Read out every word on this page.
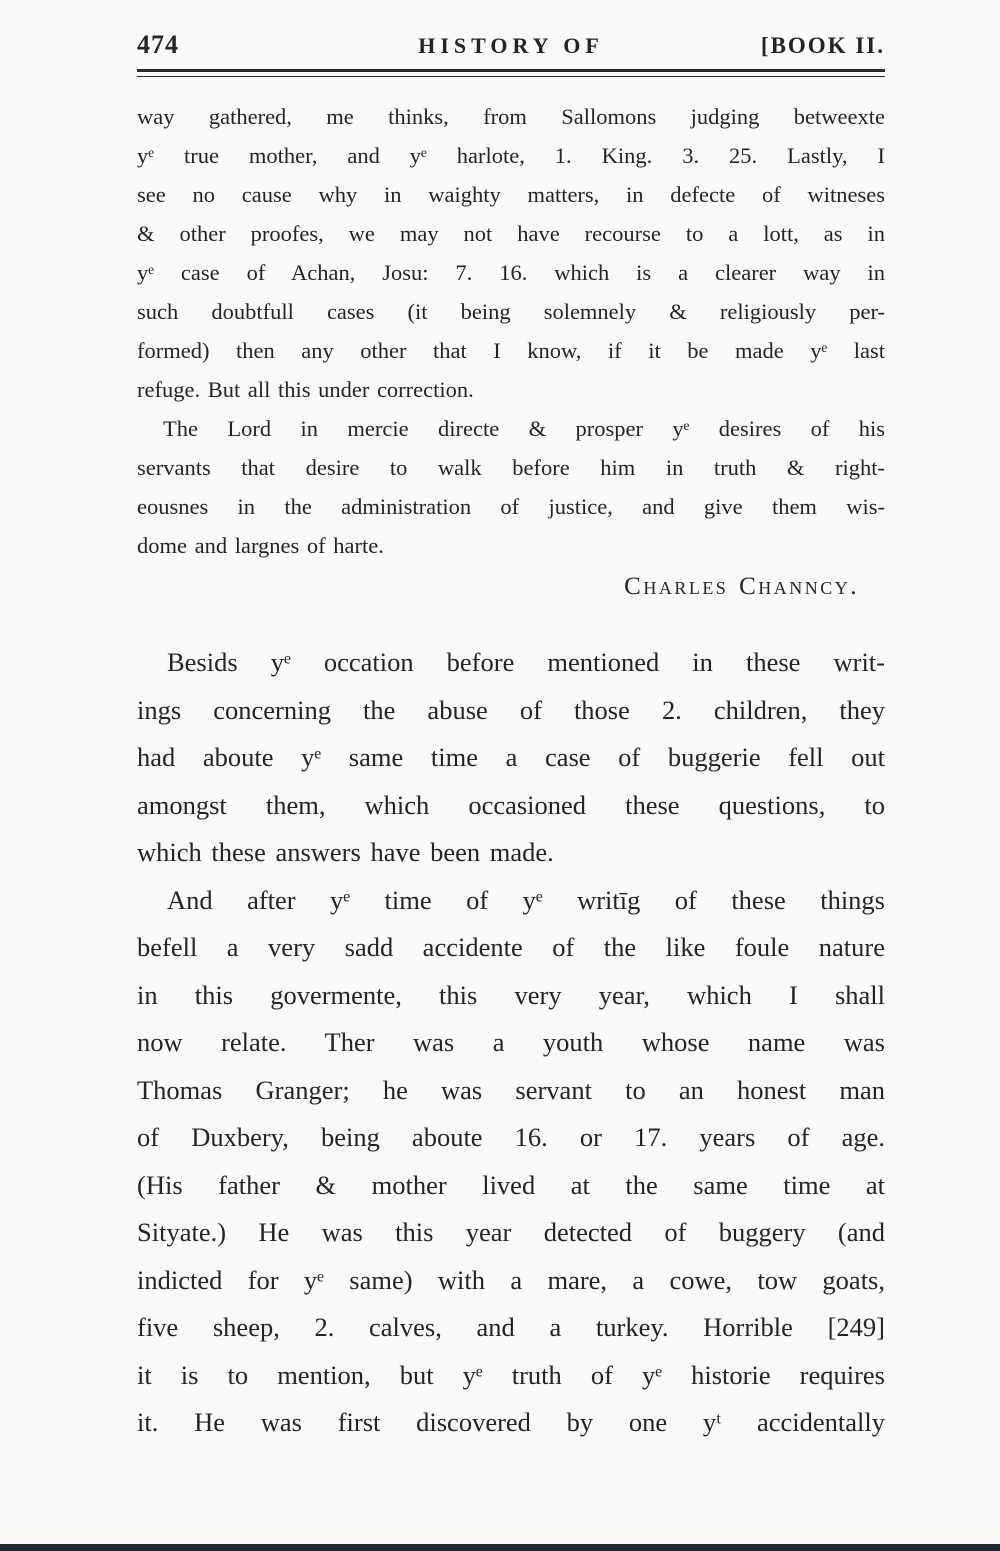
474	HISTORY OF	[BOOK II.
way gathered, me thinks, from Sallomons judging betweexte
yᵉ true mother, and yᵉ harlote, 1. King. 3. 25. Lastly, I
see no cause why in waighty matters, in defecte of witneses
& other proofes, we may not have recourse to a lott, as in
yᵉ case of Achan, Josu: 7. 16. which is a clearer way in
such doubtfull cases (it being solemnely & religiously per-
formed) then any other that I know, if it be made yᵉ last
refuge. But all this under correction.
The Lord in mercie directe & prosper yᵉ desires of his
servants that desire to walk before him in truth & right-
eousnes in the administration of justice, and give them wis-
dome and largnes of harte.
Charles Channcy.
Besids yᵉ occation before mentioned in these writ-
ings concerning the abuse of those 2. children, they
had aboute yᵉ same time a case of buggerie fell out
amongst them, which occasioned these questions, to
which these answers have been made.
And after yᵉ time of yᵉ writīg of these things
befell a very sadd accidente of the like foule nature
in this govermente, this very year, which I shall
now relate. Ther was a youth whose name was
Thomas Granger; he was servant to an honest man
of Duxbery, being aboute 16. or 17. years of age.
(His father & mother lived at the same time at
Sityate.) He was this year detected of buggery (and
indicted for yᵉ same) with a mare, a cowe, tow goats,
five sheep, 2. calves, and a turkey. Horrible [249]
it is to mention, but yᵉ truth of yᵉ historie requires
it. He was first discovered by one yᵗ accidentally
